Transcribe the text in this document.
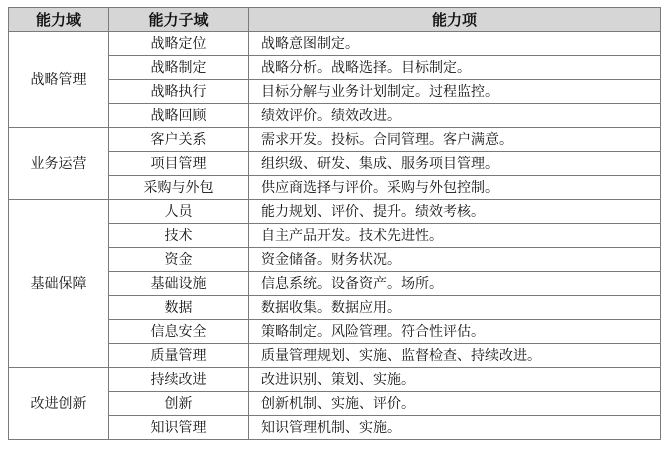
能力域	能力子域	能力项
战略管理	战略定位	战略意图制定。
	战略制定	战略分析。战略选择。目标制定。
	战略执行	目标分解与业务计划制定。过程监控。
	战略回顾	绩效评价。绩效改进。
业务运营	客户关系	需求开发。投标。合同管理。客户满意。
	项目管理	组织级、研发、集成、服务项目管理。
	采购与外包	供应商选择与评价。采购与外包控制。
基础保障	人员	能力规划、评价、提升。绩效考核。
	技术	自主产品开发。技术先进性。
	资金	资金储备。财务状况。
	基础设施	信息系统。设备资产。场所。
	数据	数据收集。数据应用。
	信息安全	策略制定。风险管理。符合性评估。
	质量管理	质量管理规划、实施、监督检查、持续改进。
改进创新	持续改进	改进识别、策划、实施。
	创新	创新机制、实施、评价。
	知识管理	知识管理机制、实施。
